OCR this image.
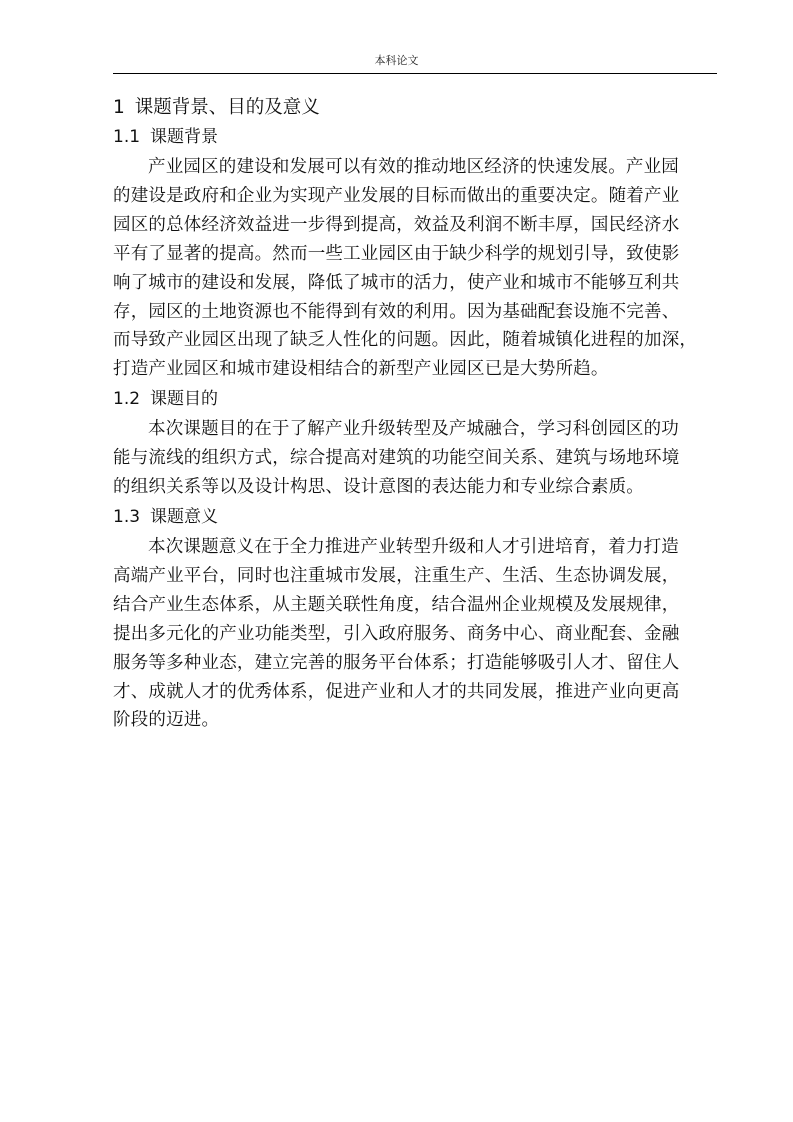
本科论文
1 课题背景、目的及意义
1.1 课题背景

产业园区的建设和发展可以有效的推动地区经济的快速发展。产业园
的建设是政府和企业为实现产业发展的目标而做出的重要决定。随着产业
园区的总体经济效益进一步得到提高，效益及利润不断丰厚，国民经济水
平有了显著的提高。然而一些工业园区由于缺少科学的规划引导，致使影
响了城市的建设和发展，降低了城市的活力，使产业和城市不能够互利共
存，园区的土地资源也不能得到有效的利用。因为基础配套设施不完善、
而导致产业园区出现了缺乏人性化的问题。因此，随着城镇化进程的加深，
打造产业园区和城市建设相结合的新型产业园区已是大势所趋。

1.2 课题目的

本次课题目的在于了解产业升级转型及产城融合，学习科创园区的功
能与流线的组织方式，综合提高对建筑的功能空间关系、建筑与场地环境
的组织关系等以及设计构思、设计意图的表达能力和专业综合素质。

1.3 课题意义

本次课题意义在于全力推进产业转型升级和人才引进培育，着力打造
高端产业平台，同时也注重城市发展，注重生产、生活、生态协调发展，
结合产业生态体系，从主题关联性角度，结合温州企业规模及发展规律，
提出多元化的产业功能类型，引入政府服务、商务中心、商业配套、金融
服务等多种业态，建立完善的服务平台体系；打造能够吸引人才、留住人
才、成就人才的优秀体系，促进产业和人才的共同发展，推进产业向更高
阶段的迈进。
